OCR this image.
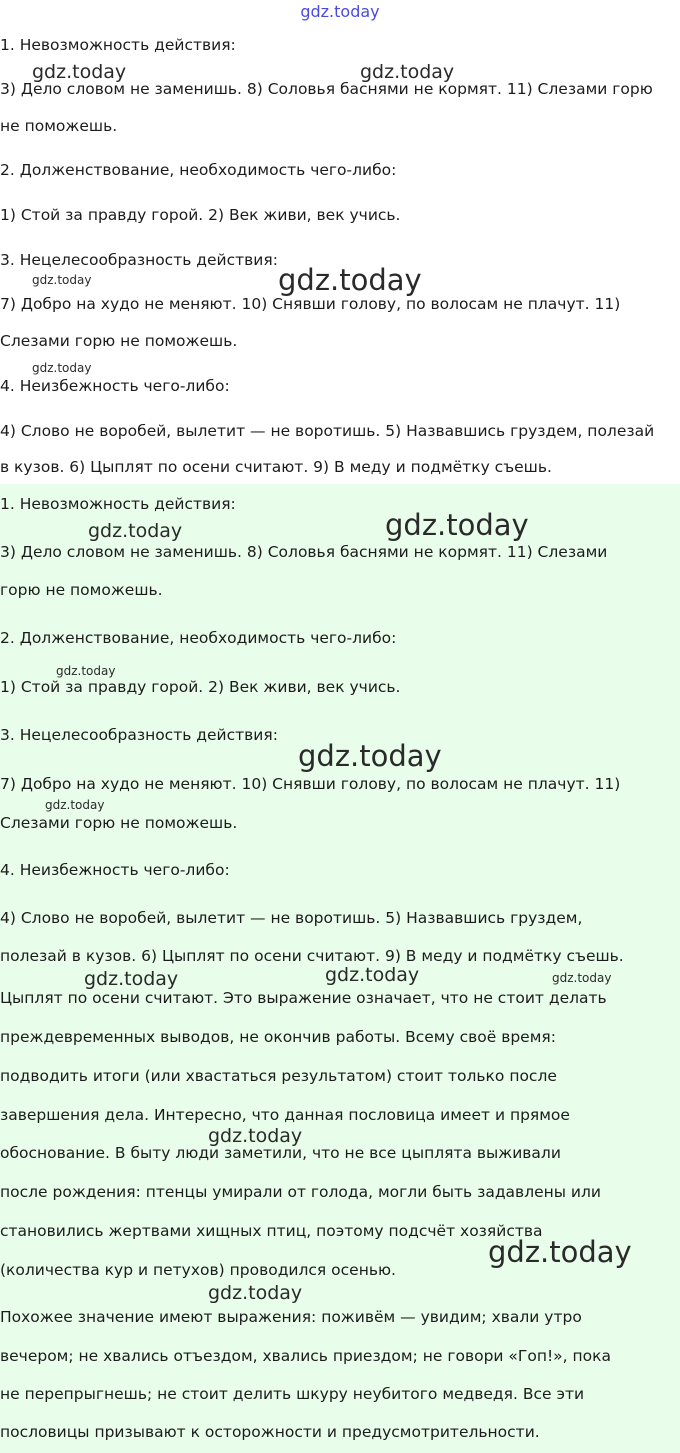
gdz.today

1. Невозможность действия:

3) Дело словом не заменишь. 8) Соловья баснями не кормят. 11) Слезами горю

не поможешь.

2. Долженствование, необходимость чего-либо:

1) Стой за правду горой. 2) Век живи, век учись.

3. Нецелесообразность действия:

7) Добро на худо не меняют. 10) Снявши голову, по волосам не плачут. 11)

Слезами горю не поможешь.

4. Неизбежность чего-либо:

4) Слово не воробей, вылетит — не воротишь. 5) Назвавшись груздем, полезай

в кузов. 6) Цыплят по осени считают. 9) В меду и подмётку съешь.

1. Невозможность действия:

3) Дело словом не заменишь. 8) Соловья баснями не кормят. 11) Слезами

горю не поможешь.

2. Долженствование, необходимость чего-либо:

1) Стой за правду горой. 2) Век живи, век учись.

3. Нецелесообразность действия:

7) Добро на худо не меняют. 10) Снявши голову, по волосам не плачут. 11)

Слезами горю не поможешь.

4. Неизбежность чего-либо:

4) Слово не воробей, вылетит — не воротишь. 5) Назвавшись груздем,

полезай в кузов. 6) Цыплят по осени считают. 9) В меду и подмётку съешь.

Цыплят по осени считают. Это выражение означает, что не стоит делать

преждевременных выводов, не окончив работы. Всему своё время:

подводить итоги (или хвастаться результатом) стоит только после

завершения дела. Интересно, что данная пословица имеет и прямое

обоснование. В быту люди заметили, что не все цыплята выживали

после рождения: птенцы умирали от голода, могли быть задавлены или

становились жертвами хищных птиц, поэтому подсчёт хозяйства

(количества кур и петухов) проводился осенью.

Похожее значение имеют выражения: поживём — увидим; хвали утро

вечером; не хвались отъездом, хвались приездом; не говори «Гоп!», пока

не перепрыгнешь; не стоит делить шкуру неубитого медведя. Все эти

пословицы призывают к осторожности и предусмотрительности.

gdz.today	gdz.today
gdz.today	gdz.today
gdz.today
gdz.today	gdz.today
gdz.today
gdz.today
gdz.today
gdz.today	gdz.today	gdz.today
gdz.today
gdz.today
gdz.today
